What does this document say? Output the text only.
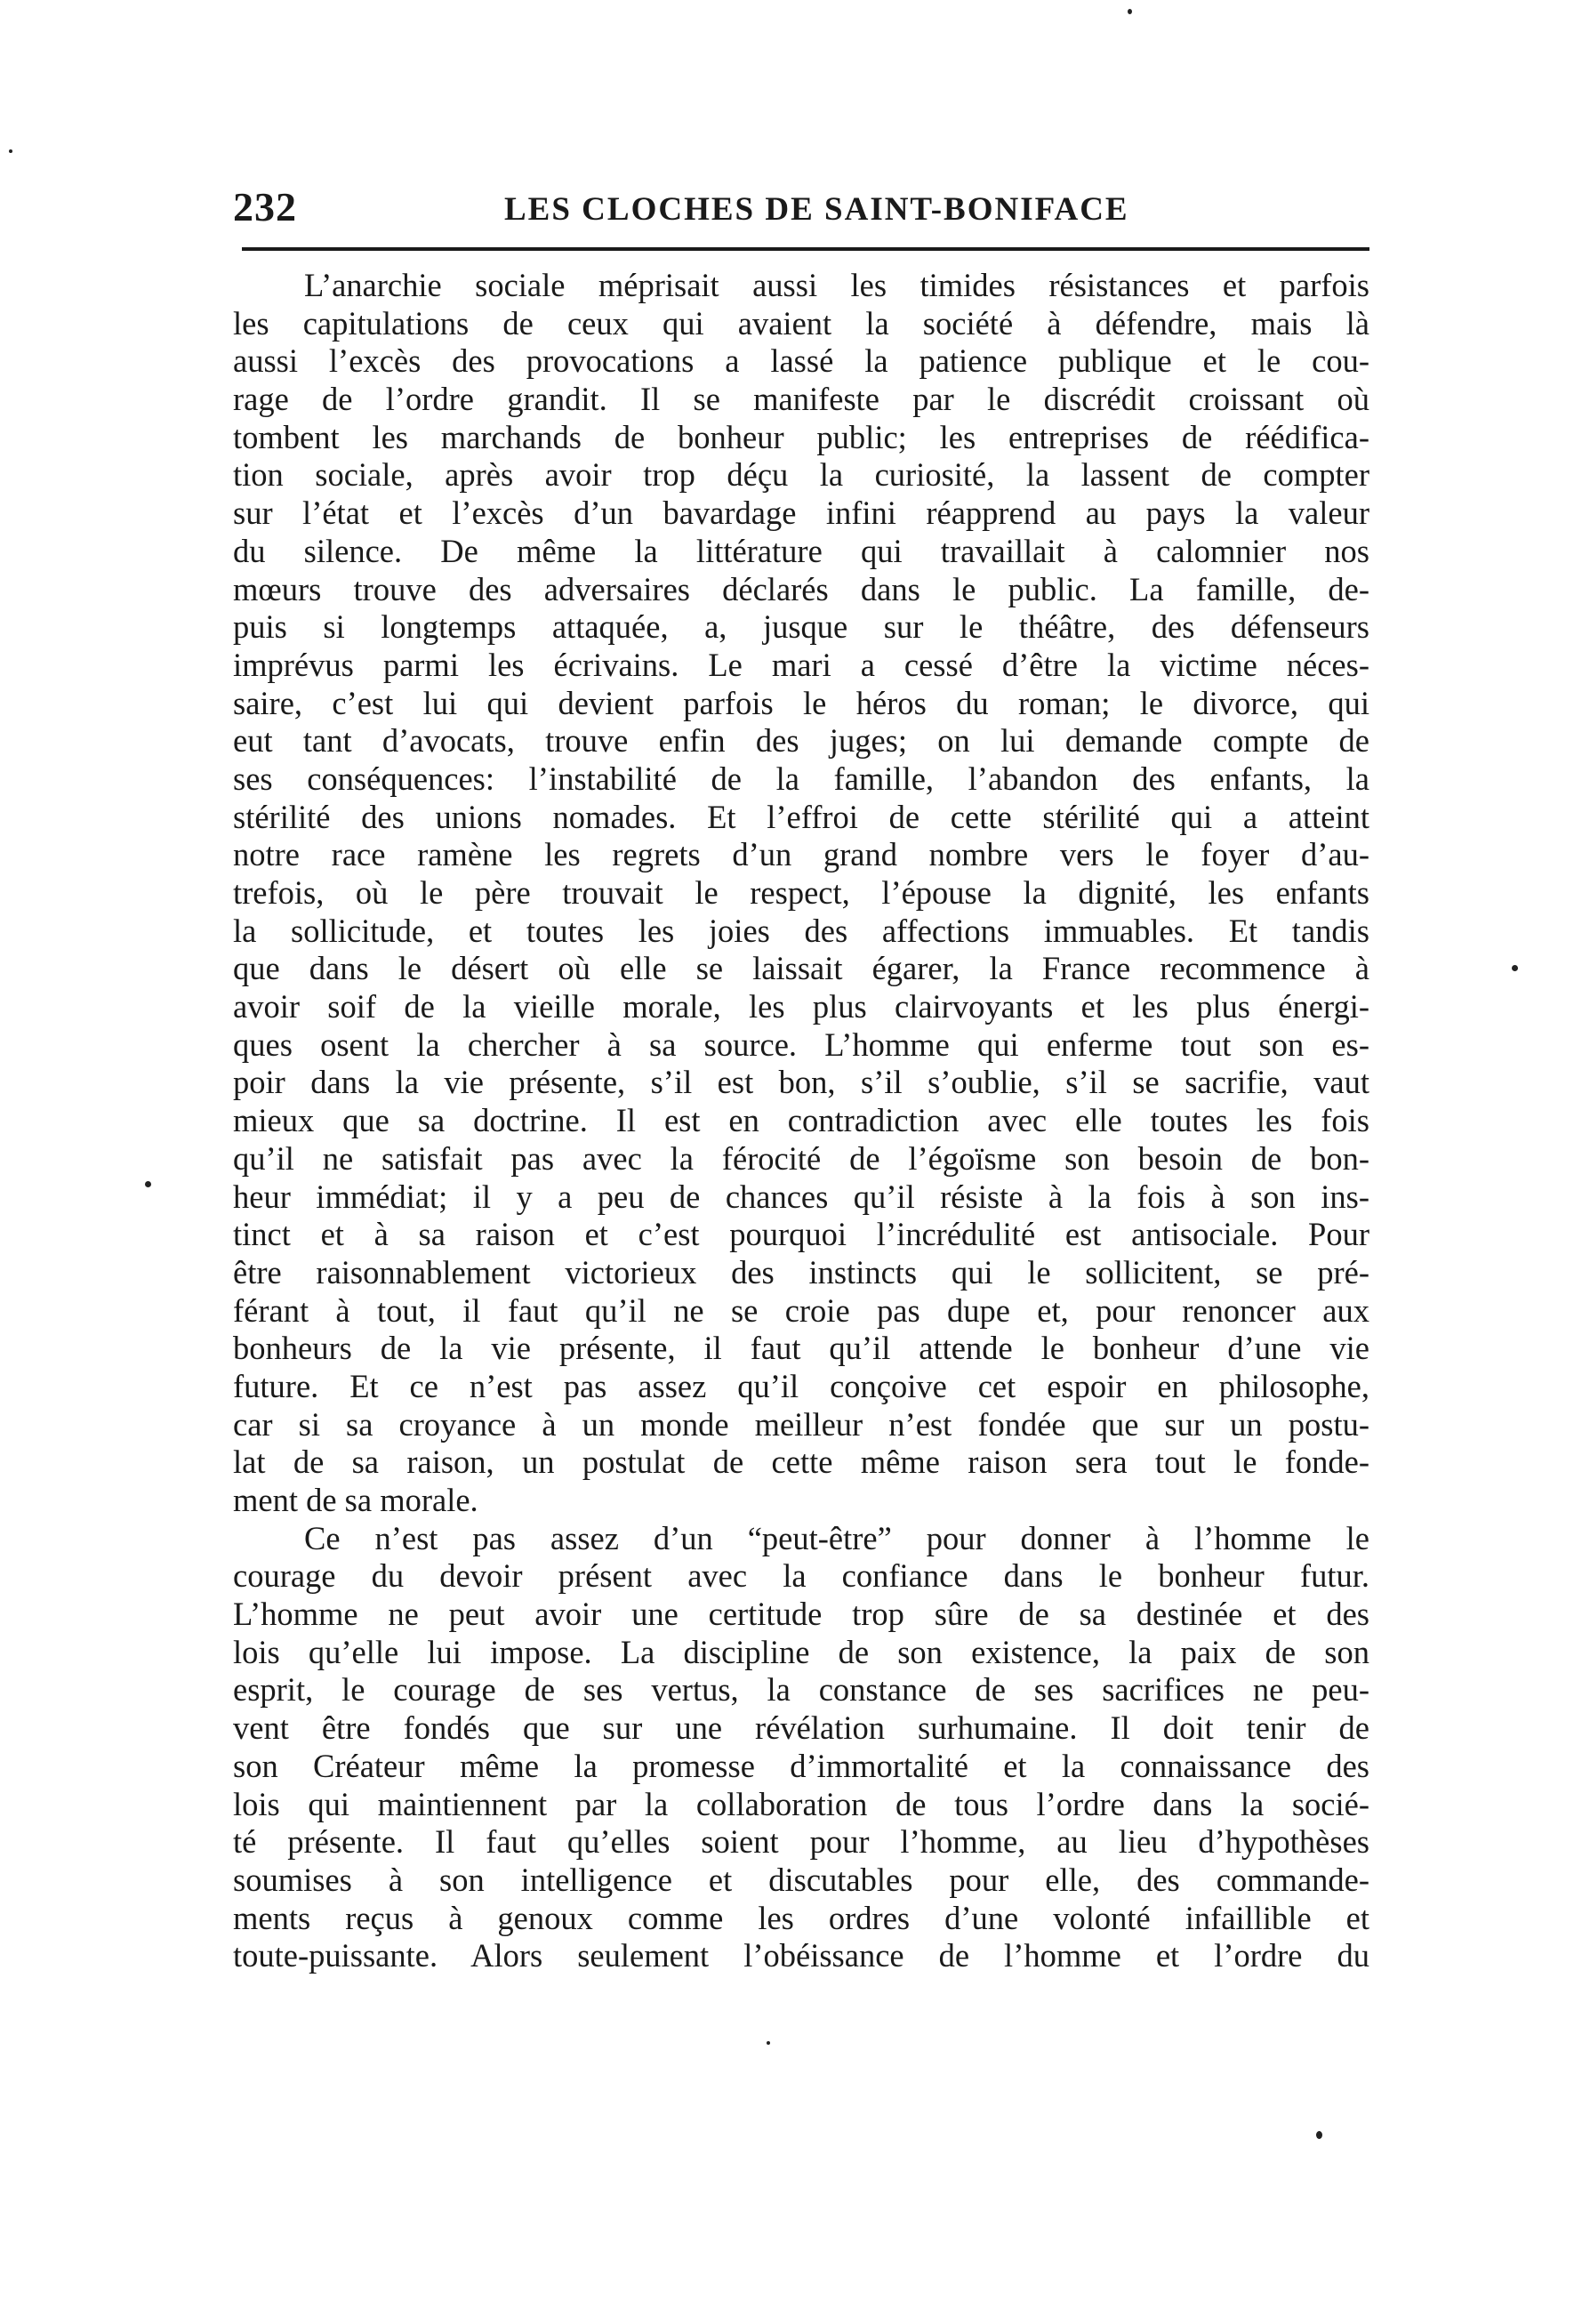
232	LES CLOCHES DE SAINT-BONIFACE
L’anarchie sociale méprisait aussi les timides résistances et parfois
les capitulations de ceux qui avaient la société à défendre, mais là
aussi l’excès des provocations a lassé la patience publique et le cou-
rage de l’ordre grandit. Il se manifeste par le discrédit croissant où
tombent les marchands de bonheur public; les entreprises de réédifica-
tion sociale, après avoir trop déçu la curiosité, la lassent de compter
sur l’état et l’excès d’un bavardage infini réapprend au pays la valeur
du silence. De même la littérature qui travaillait à calomnier nos
mœurs trouve des adversaires déclarés dans le public. La famille, de-
puis si longtemps attaquée, a, jusque sur le théâtre, des défenseurs
imprévus parmi les écrivains. Le mari a cessé d’être la victime néces-
saire, c’est lui qui devient parfois le héros du roman; le divorce, qui
eut tant d’avocats, trouve enfin des juges; on lui demande compte de
ses conséquences: l’instabilité de la famille, l’abandon des enfants, la
stérilité des unions nomades. Et l’effroi de cette stérilité qui a atteint
notre race ramène les regrets d’un grand nombre vers le foyer d’au-
trefois, où le père trouvait le respect, l’épouse la dignité, les enfants
la sollicitude, et toutes les joies des affections immuables. Et tandis
que dans le désert où elle se laissait égarer, la France recommence à
avoir soif de la vieille morale, les plus clairvoyants et les plus énergi-
ques osent la chercher à sa source. L’homme qui enferme tout son es-
poir dans la vie présente, s’il est bon, s’il s’oublie, s’il se sacrifie, vaut
mieux que sa doctrine. Il est en contradiction avec elle toutes les fois
qu’il ne satisfait pas avec la férocité de l’égoïsme son besoin de bon-
heur immédiat; il y a peu de chances qu’il résiste à la fois à son ins-
tinct et à sa raison et c’est pourquoi l’incrédulité est antisociale. Pour
être raisonnablement victorieux des instincts qui le sollicitent, se pré-
férant à tout, il faut qu’il ne se croie pas dupe et, pour renoncer aux
bonheurs de la vie présente, il faut qu’il attende le bonheur d’une vie
future. Et ce n’est pas assez qu’il conçoive cet espoir en philosophe,
car si sa croyance à un monde meilleur n’est fondée que sur un postu-
lat de sa raison, un postulat de cette même raison sera tout le fonde-
ment de sa morale.
Ce n’est pas assez d’un “peut-être” pour donner à l’homme le
courage du devoir présent avec la confiance dans le bonheur futur.
L’homme ne peut avoir une certitude trop sûre de sa destinée et des
lois qu’elle lui impose. La discipline de son existence, la paix de son
esprit, le courage de ses vertus, la constance de ses sacrifices ne peu-
vent être fondés que sur une révélation surhumaine. Il doit tenir de
son Créateur même la promesse d’immortalité et la connaissance des
lois qui maintiennent par la collaboration de tous l’ordre dans la socié-
té présente. Il faut qu’elles soient pour l’homme, au lieu d’hypothèses
soumises à son intelligence et discutables pour elle, des commande-
ments reçus à genoux comme les ordres d’une volonté infaillible et
toute-puissante. Alors seulement l’obéissance de l’homme et l’ordre du
